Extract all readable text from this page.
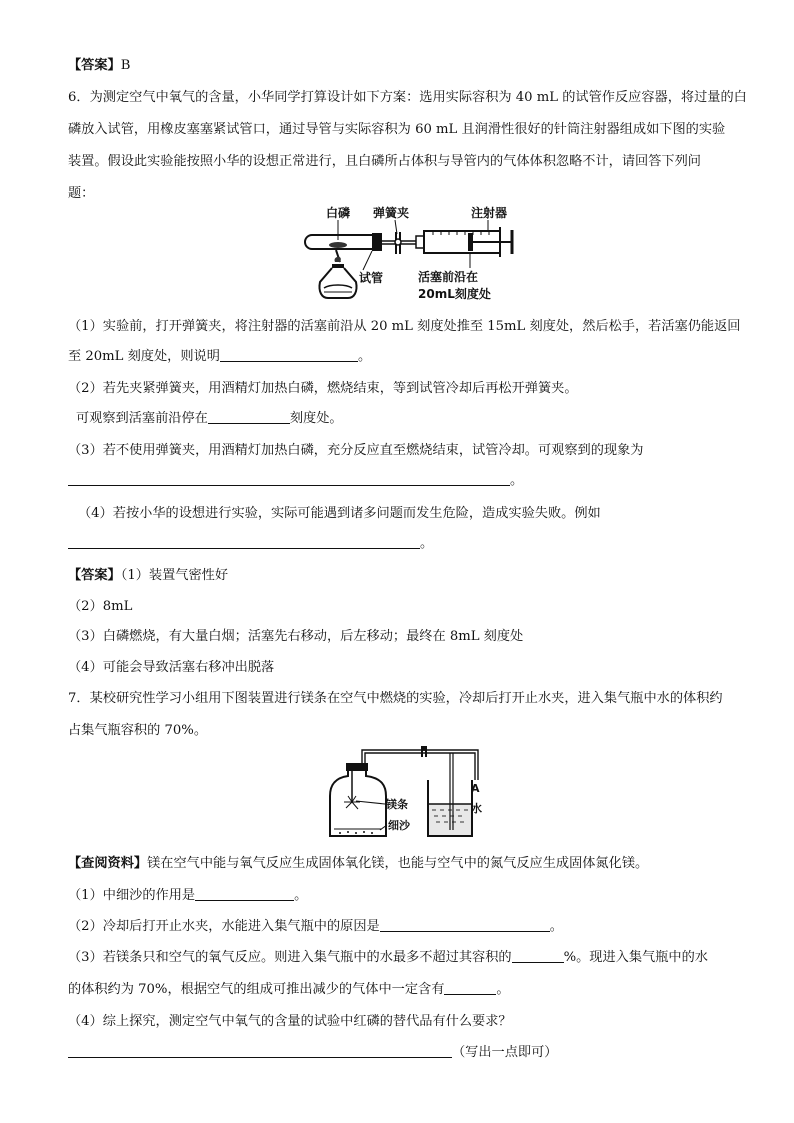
【答案】B
6．为测定空气中氧气的含量，小华同学打算设计如下方案：选用实际容积为 40 mL 的试管作反应容器，将过量的白
磷放入试管，用橡皮塞塞紧试管口，通过导管与实际容积为 60 mL 且润滑性很好的针筒注射器组成如下图的实验
装置。假设此实验能按照小华的设想正常进行，且白磷所占体积与导管内的气体体积忽略不计，请回答下列问
题：
白磷 弹簧夹	注射器
试管	活塞前沿在
20mL刻度处
（1）实验前，打开弹簧夹，将注射器的活塞前沿从 20 mL 刻度处推至 15mL 刻度处，然后松手，若活塞仍能返回
至 20mL 刻度处，则说明	。
（2）若先夹紧弹簧夹，用酒精灯加热白磷，燃烧结束，等到试管冷却后再松开弹簧夹。
可观察到活塞前沿停在	刻度处。
（3）若不使用弹簧夹，用酒精灯加热白磷，充分反应直至燃烧结束，试管冷却。可观察到的现象为
。
（4）若按小华的设想进行实验，实际可能遇到诸多问题而发生危险，造成实验失败。例如
。
【答案】（1）装置气密性好
（2）8mL
（3）白磷燃烧，有大量白烟；活塞先右移动，后左移动；最终在 8mL 刻度处
（4）可能会导致活塞右移冲出脱落
7．某校研究性学习小组用下图装置进行镁条在空气中燃烧的实验，冷却后打开止水夹，进入集气瓶中水的体积约
占集气瓶容积的 70%。
镁条
细沙
A
水
【查阅资料】镁在空气中能与氧气反应生成固体氧化镁，也能与空气中的氮气反应生成固体氮化镁。
（1）中细沙的作用是	。
（2）冷却后打开止水夹，水能进入集气瓶中的原因是	。
（3）若镁条只和空气的氧气反应。则进入集气瓶中的水最多不超过其容积的	%。现进入集气瓶中的水
的体积约为 70%，根据空气的组成可推出减少的气体中一定含有	。
（4）综上探究，测定空气中氧气的含量的试验中红磷的替代品有什么要求？
（写出一点即可）
